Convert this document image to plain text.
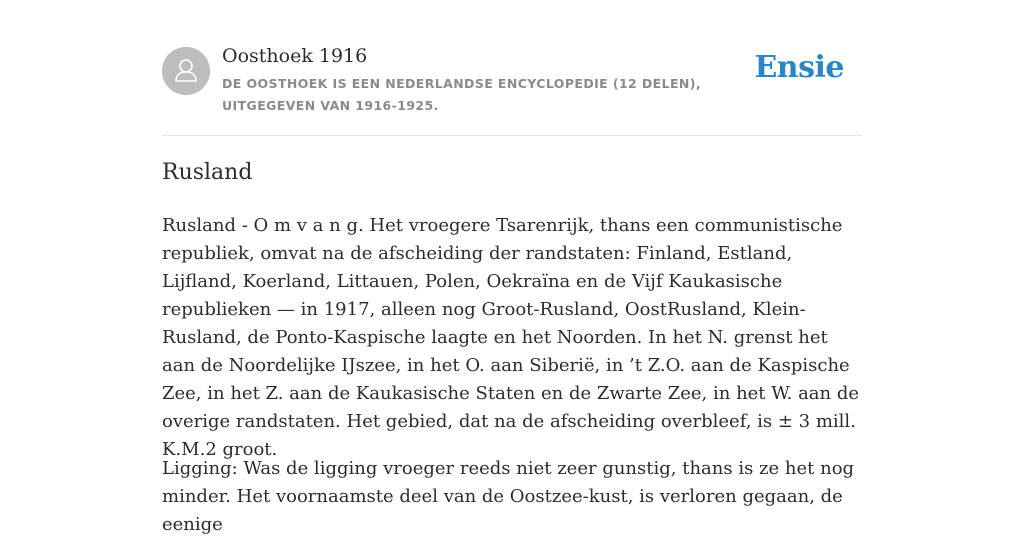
Oosthoek 1916
DE OOSTHOEK IS EEN NEDERLANDSE ENCYCLOPEDIE (12 DELEN), UITGEGEVEN VAN 1916-1925.
Ensie
Rusland

Rusland - O m v a n g. Het vroegere Tsarenrijk, thans een communistische republiek, omvat na de afscheiding der randstaten: Finland, Estland, Lijfland, Koerland, Littauen, Polen, Oekraïna en de Vijf Kaukasische republieken — in 1917, alleen nog Groot-Rusland, OostRusland, Klein-Rusland, de Ponto-Kaspische laagte en het Noorden. In het N. grenst het aan de Noordelijke IJszee, in het O. aan Siberië, in ’t Z.O. aan de Kaspische Zee, in het Z. aan de Kaukasische Staten en de Zwarte Zee, in het W. aan de overige randstaten. Het gebied, dat na de afscheiding overbleef, is ± 3 mill. K.M.2 groot.

Ligging: Was de ligging vroeger reeds niet zeer gunstig, thans is ze het nog minder. Het voornaamste deel van de Oostzee-kust, is verloren gegaan, de eenige
